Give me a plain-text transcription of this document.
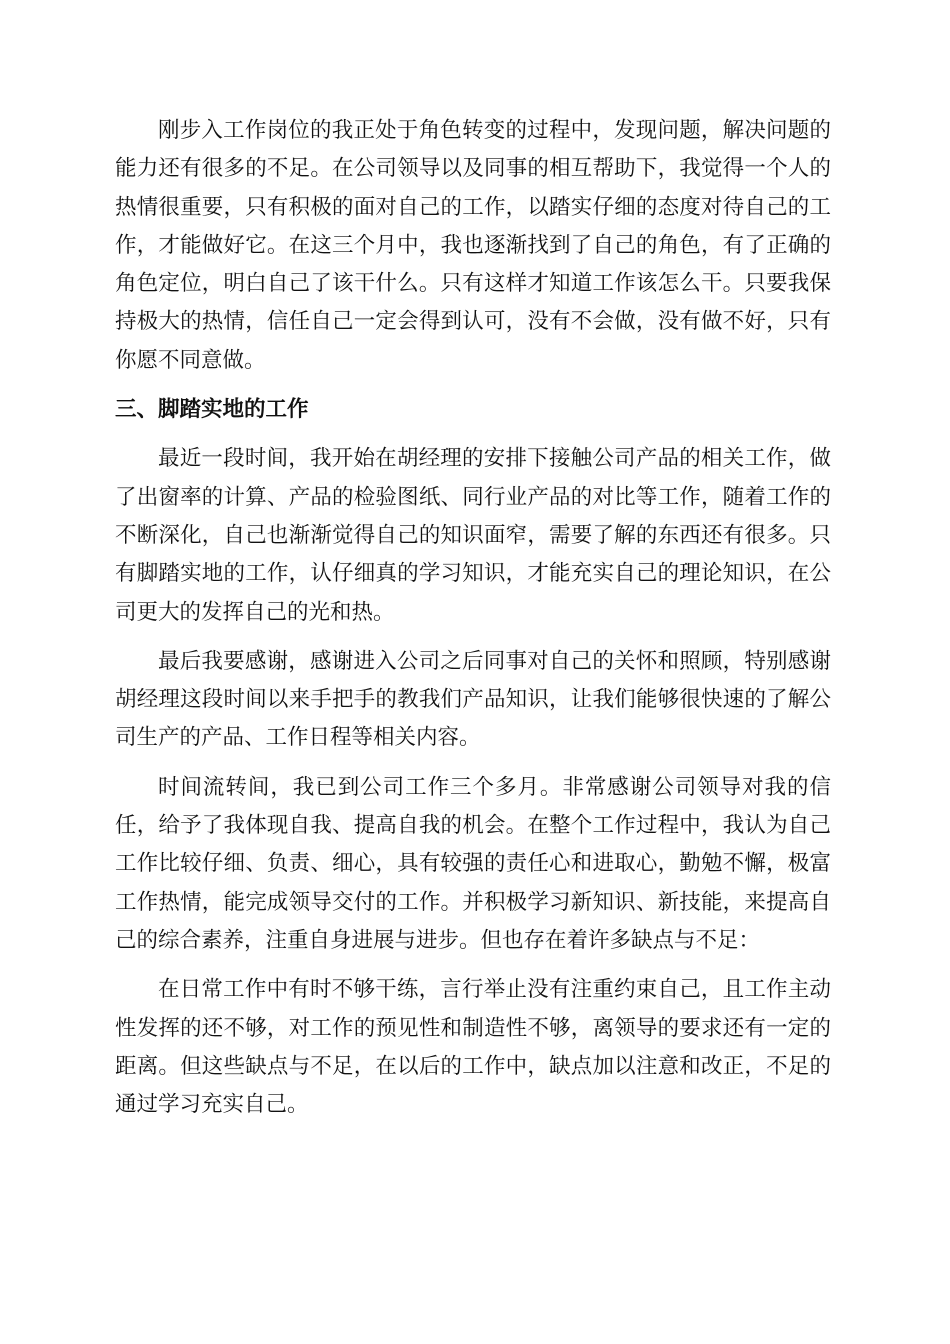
刚步入工作岗位的我正处于角色转变的过程中，发现问题，解决问题的能力还有很多的不足。在公司领导以及同事的相互帮助下，我觉得一个人的热情很重要，只有积极的面对自己的工作，以踏实仔细的态度对待自己的工作，才能做好它。在这三个月中，我也逐渐找到了自己的角色，有了正确的角色定位，明白自己了该干什么。只有这样才知道工作该怎么干。只要我保持极大的热情，信任自己一定会得到认可，没有不会做，没有做不好，只有你愿不同意做。

三、脚踏实地的工作

最近一段时间，我开始在胡经理的安排下接触公司产品的相关工作，做了出窗率的计算、产品的检验图纸、同行业产品的对比等工作，随着工作的不断深化，自己也渐渐觉得自己的知识面窄，需要了解的东西还有很多。只有脚踏实地的工作，认仔细真的学习知识，才能充实自己的理论知识，在公司更大的发挥自己的光和热。

最后我要感谢，感谢进入公司之后同事对自己的关怀和照顾，特别感谢胡经理这段时间以来手把手的教我们产品知识，让我们能够很快速的了解公司生产的产品、工作日程等相关内容。

时间流转间，我已到公司工作三个多月。非常感谢公司领导对我的信任，给予了我体现自我、提高自我的机会。在整个工作过程中，我认为自己工作比较仔细、负责、细心，具有较强的责任心和进取心，勤勉不懈，极富工作热情，能完成领导交付的工作。并积极学习新知识、新技能，来提高自己的综合素养，注重自身进展与进步。但也存在着许多缺点与不足：

在日常工作中有时不够干练，言行举止没有注重约束自己，且工作主动性发挥的还不够，对工作的预见性和制造性不够，离领导的要求还有一定的距离。但这些缺点与不足，在以后的工作中，缺点加以注意和改正，不足的通过学习充实自己。
